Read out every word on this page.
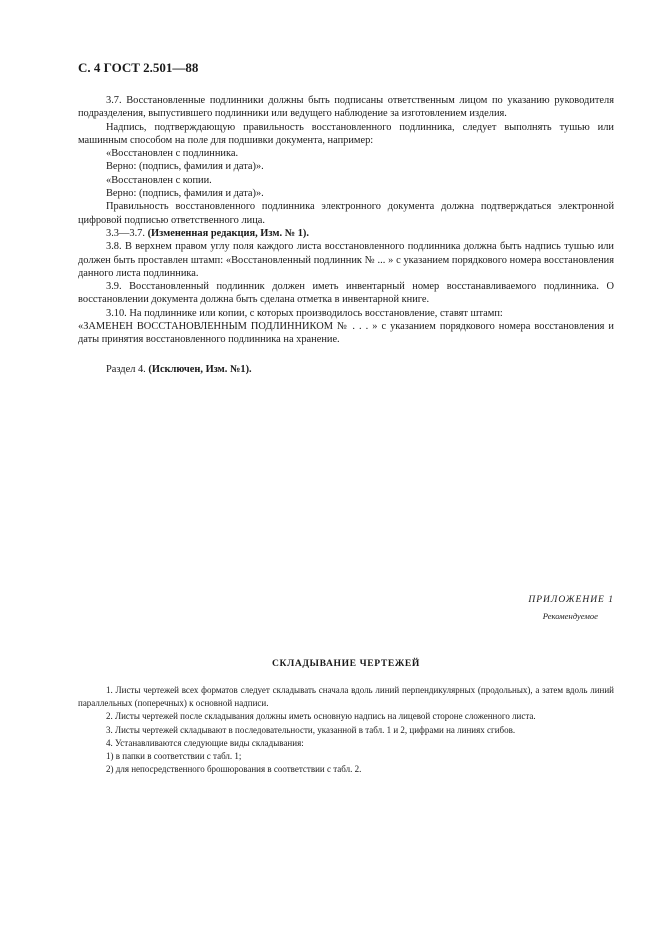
С. 4 ГОСТ 2.501—88

3.7. Восстановленные подлинники должны быть подписаны ответственным лицом по указанию руководителя подразделения, выпустившего подлинники или ведущего наблюдение за изготовлением изделия.

Надпись, подтверждающую правильность восстановленного подлинника, следует выполнять тушью или машинным способом на поле для подшивки документа, например:

«Восстановлен с подлинника.

Верно: (подпись, фамилия и дата)».

«Восстановлен с копии.

Верно: (подпись, фамилия и дата)».

Правильность восстановленного подлинника электронного документа должна подтверждаться электронной цифровой подписью ответственного лица.

3.3—3.7. (Измененная редакция, Изм. № 1).

3.8. В верхнем правом углу поля каждого листа восстановленного подлинника должна быть надпись тушью или должен быть проставлен штамп: «Восстановленный подлинник № ... » с указанием порядкового номера восстановления данного листа подлинника.

3.9. Восстановленный подлинник должен иметь инвентарный номер восстанавливаемого подлинника. О восстановлении документа должна быть сделана отметка в инвентарной книге.

3.10. На подлиннике или копии, с которых производилось восстановление, ставят штамп:

«ЗАМЕНЕН ВОССТАНОВЛЕННЫМ ПОДЛИННИКОМ № . . . » с указанием порядкового номера восстановления и даты принятия восстановленного подлинника на хранение.

Раздел 4. (Исключен, Изм. №1).
ПРИЛОЖЕНИЕ 1
Рекомендуемое
СКЛАДЫВАНИЕ ЧЕРТЕЖЕЙ

1. Листы чертежей всех форматов следует складывать сначала вдоль линий перпендикулярных (продольных), а затем вдоль линий параллельных (поперечных) к основной надписи.

2. Листы чертежей после складывания должны иметь основную надпись на лицевой стороне сложенного листа.

3. Листы чертежей складывают в последовательности, указанной в табл. 1 и 2, цифрами на линиях сгибов.

4. Устанавливаются следующие виды складывания:

1) в папки в соответствии с табл. 1;

2) для непосредственного брошюрования в соответствии с табл. 2.
